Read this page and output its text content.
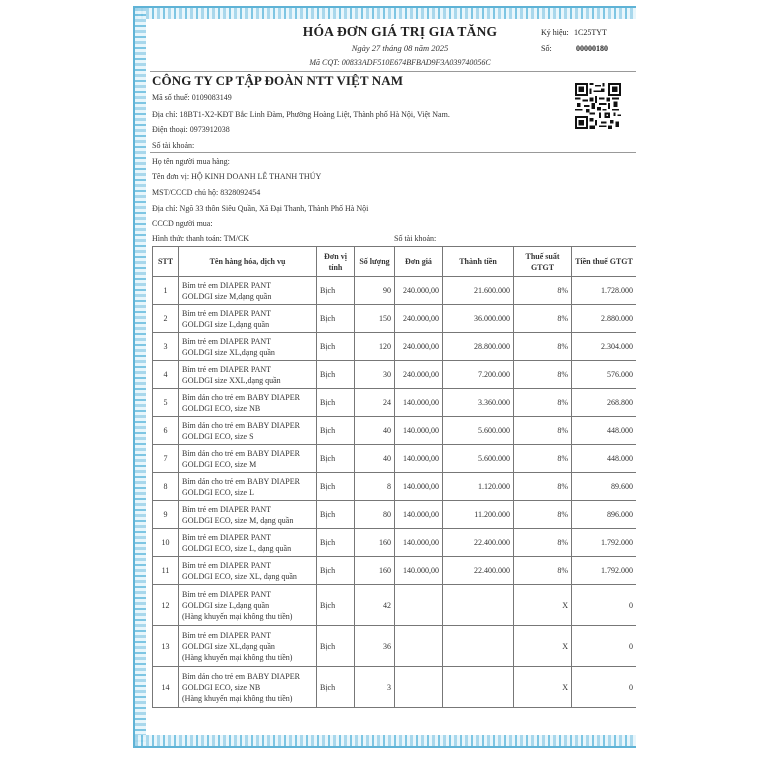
HÓA ĐƠN GIÁ TRỊ GIA TĂNG
Ngày 27 tháng 08 năm 2025
Mã CQT: 00833ADF510E674BFBAD9F3A039740056C
Ký hiệu: 1C25TYT
Số:	00000180
CÔNG TY CP TẬP ĐOÀN NTT VIỆT NAM
Mã số thuế: 0109083149
Địa chỉ: 18BT1-X2-KĐT Bắc Linh Đàm, Phường Hoàng Liệt, Thành phố Hà Nội, Việt Nam.
Điện thoại: 0973912038
Số tài khoản:
Họ tên người mua hàng:
Tên đơn vị: HỘ KINH DOANH LÊ THANH THÚY
MST/CCCD chủ hộ: 8328092454
Địa chỉ: Ngõ 33 thôn Siêu Quần, Xã Đại Thanh, Thành Phố Hà Nội
CCCD người mua:
Hình thức thanh toán: TM/CK	Số tài khoản:
STT	Tên hàng hóa, dịch vụ	Đơn vị tính	Số lượng	Đơn giá	Thành tiền	Thuế suất GTGT	Tiền thuế GTGT
1	Bỉm trẻ em DIAPER PANT
GOLDGI size M,dạng quần	Bịch	90	240.000,00	21.600.000	8%	1.728.000
2	Bỉm trẻ em DIAPER PANT
GOLDGI size L,dạng quần	Bịch	150	240.000,00	36.000.000	8%	2.880.000
3	Bỉm trẻ em DIAPER PANT
GOLDGI size XL,dạng quần	Bịch	120	240.000,00	28.800.000	8%	2.304.000
4	Bỉm trẻ em DIAPER PANT
GOLDGI size XXL,dạng quần	Bịch	30	240.000,00	7.200.000	8%	576.000
5	Bỉm dán cho trẻ em BABY DIAPER
GOLDGI ECO, size NB	Bịch	24	140.000,00	3.360.000	8%	268.800
6	Bỉm dán cho trẻ em BABY DIAPER
GOLDGI ECO, size S	Bịch	40	140.000,00	5.600.000	8%	448.000
7	Bỉm dán cho trẻ em BABY DIAPER
GOLDGI ECO, size M	Bịch	40	140.000,00	5.600.000	8%	448.000
8	Bỉm dán cho trẻ em BABY DIAPER
GOLDGI ECO, size L	Bịch	8	140.000,00	1.120.000	8%	89.600
9	Bỉm trẻ em DIAPER PANT
GOLDGI ECO, size M, dạng quần	Bịch	80	140.000,00	11.200.000	8%	896.000
10	Bỉm trẻ em DIAPER PANT
GOLDGI ECO, size L, dạng quần	Bịch	160	140.000,00	22.400.000	8%	1.792.000
11	Bỉm trẻ em DIAPER PANT
GOLDGI ECO, size XL, dạng quần	Bịch	160	140.000,00	22.400.000	8%	1.792.000
12	Bỉm trẻ em DIAPER PANT
GOLDGI size L,dạng quần
(Hàng khuyến mại không thu tiền)	Bịch	42			X	0
13	Bỉm trẻ em DIAPER PANT
GOLDGI size XL,dạng quần
(Hàng khuyến mại không thu tiền)	Bịch	36			X	0
14	Bỉm dán cho trẻ em BABY DIAPER
GOLDGI ECO, size NB
(Hàng khuyến mại không thu tiền)	Bịch	3			X	0
